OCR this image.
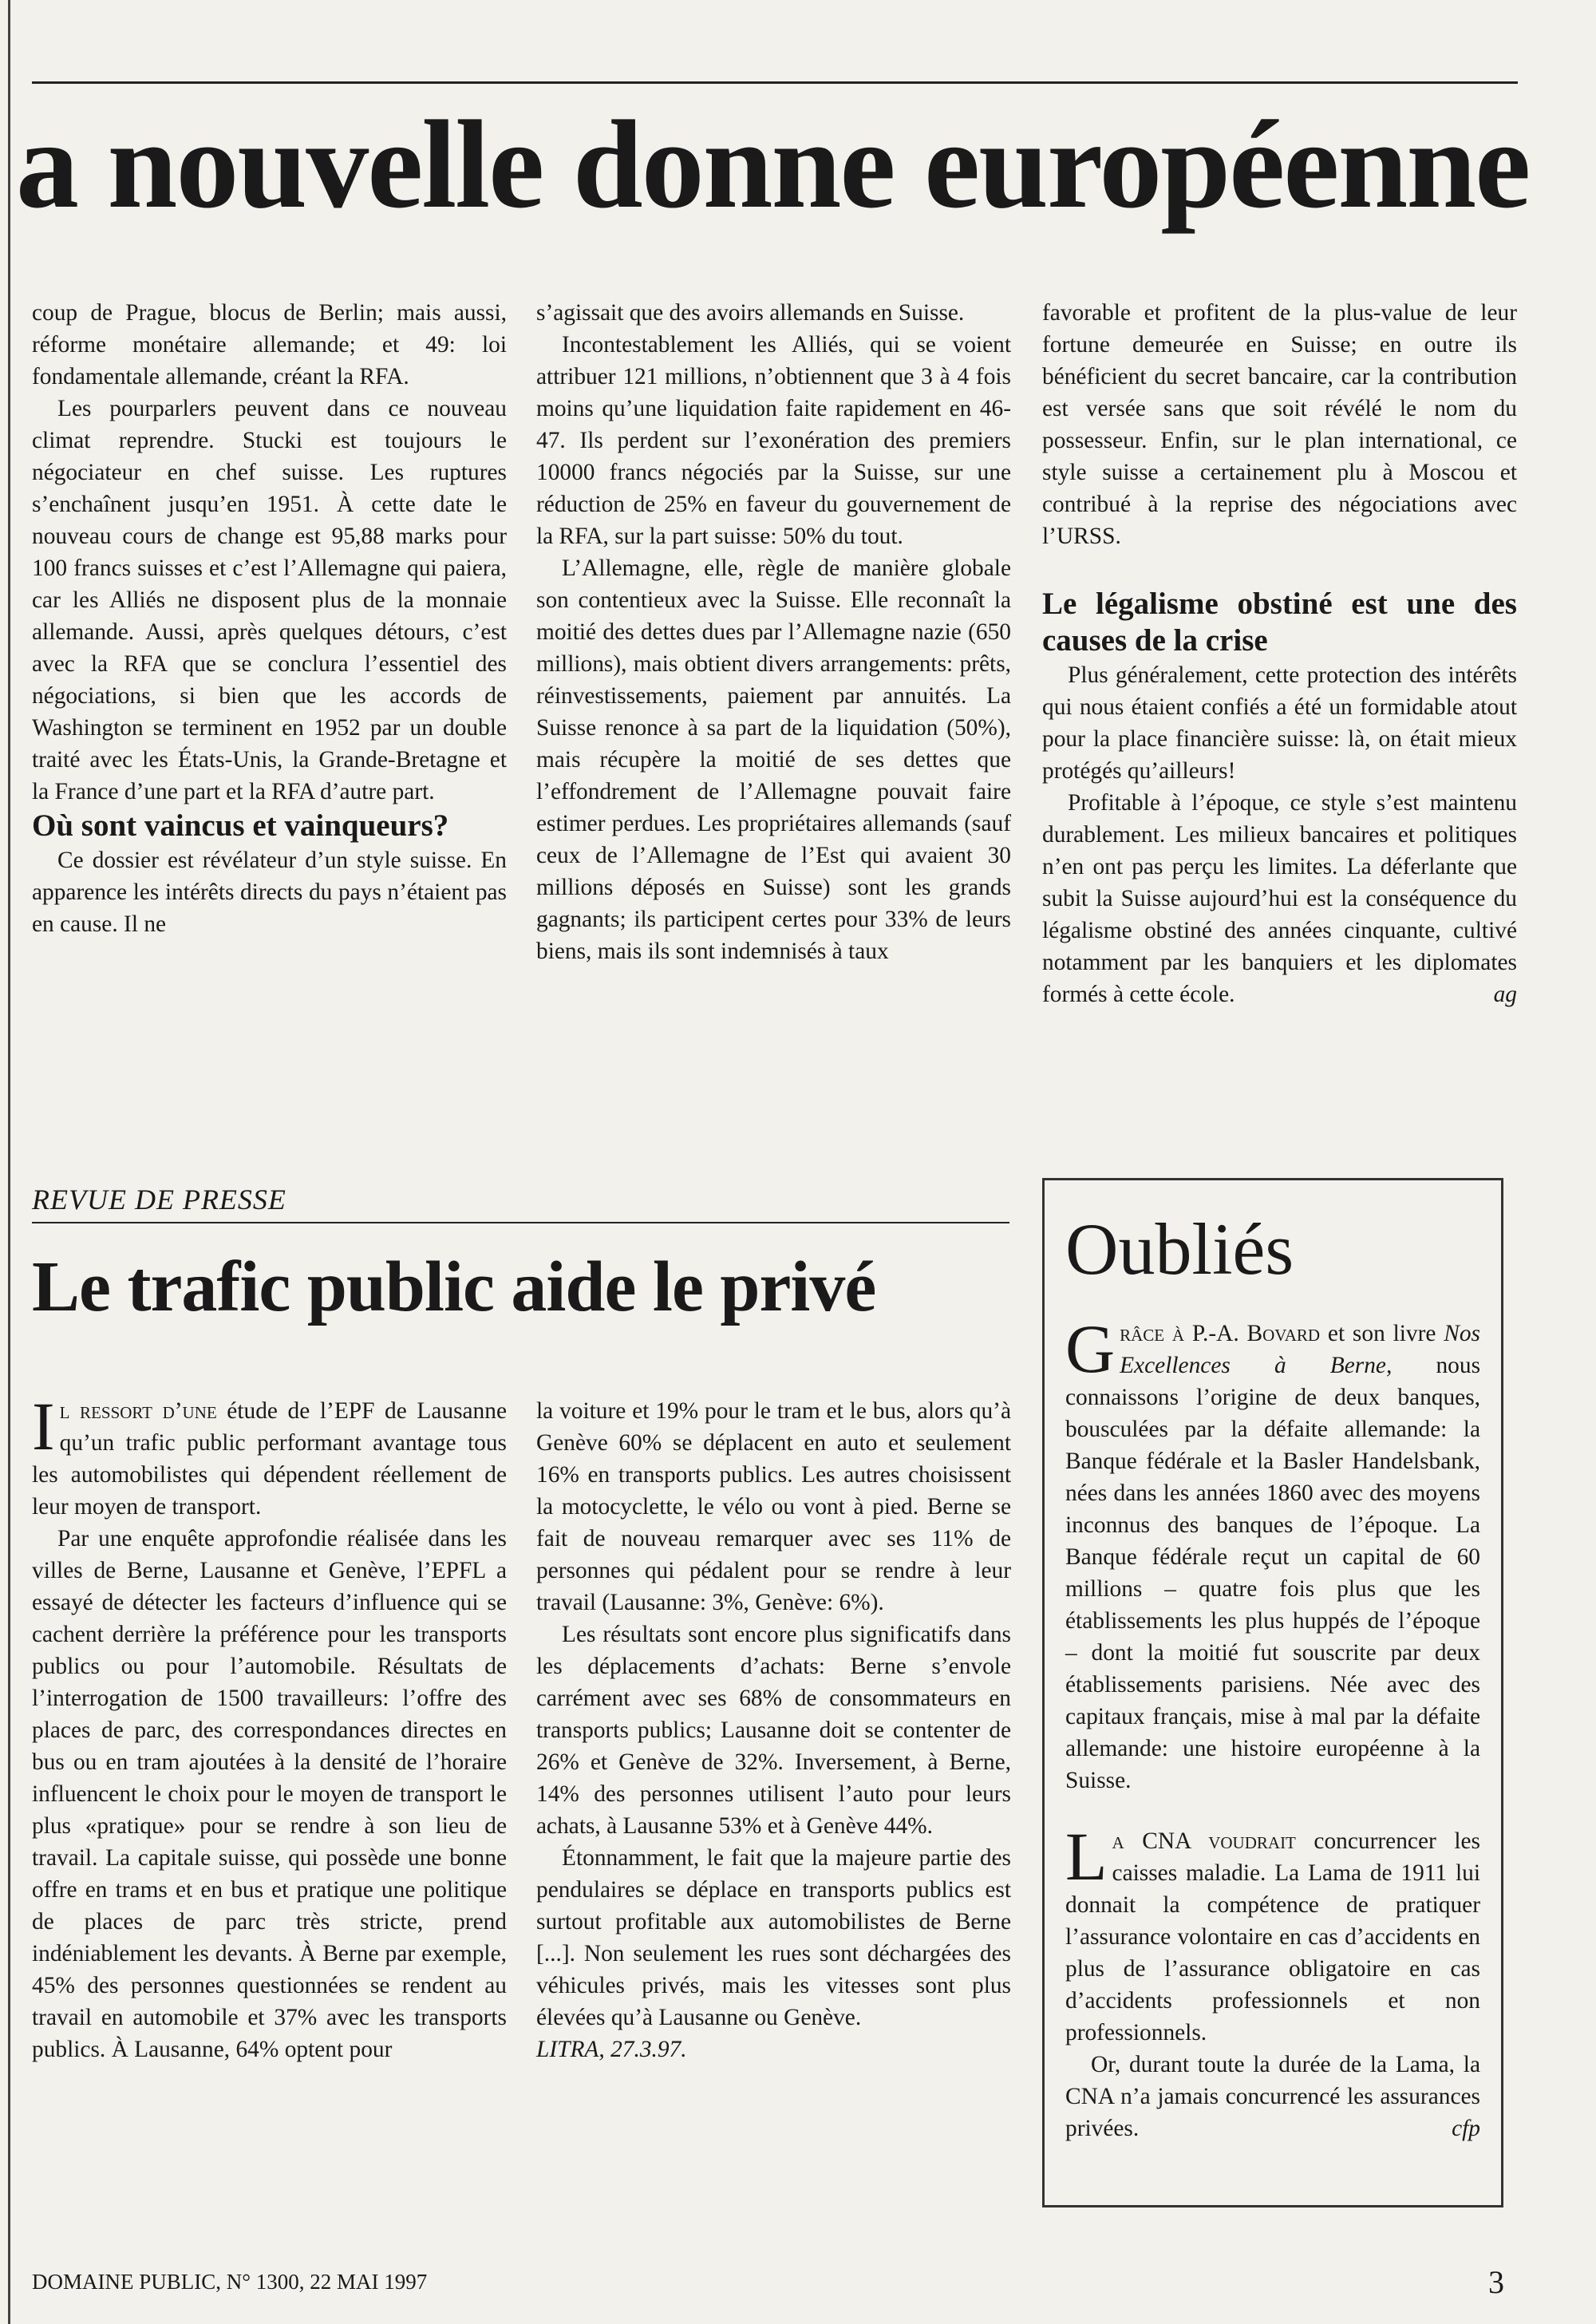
a nouvelle donne européenne

coup de Prague, blocus de Berlin; mais aussi, réforme monétaire allemande; et 49: loi fondamentale allemande, créant la RFA.

Les pourparlers peuvent dans ce nouveau climat reprendre. Stucki est toujours le négociateur en chef suisse. Les ruptures s’enchaînent jusqu’en 1951. À cette date le nouveau cours de change est 95,88 marks pour 100 francs suisses et c’est l’Allemagne qui paiera, car les Alliés ne disposent plus de la monnaie allemande. Aussi, après quelques détours, c’est avec la RFA que se conclura l’essentiel des négociations, si bien que les accords de Washington se terminent en 1952 par un double traité avec les États-Unis, la Grande-Bretagne et la France d’une part et la RFA d’autre part.

Où sont vaincus et vainqueurs?

Ce dossier est révélateur d’un style suisse. En apparence les intérêts directs du pays n’étaient pas en cause. Il ne

s’agissait que des avoirs allemands en Suisse.

Incontestablement les Alliés, qui se voient attribuer 121 millions, n’obtiennent que 3 à 4 fois moins qu’une liquidation faite rapidement en 46-47. Ils perdent sur l’exonération des premiers 10000 francs négociés par la Suisse, sur une réduction de 25% en faveur du gouvernement de la RFA, sur la part suisse: 50% du tout.

L’Allemagne, elle, règle de manière globale son contentieux avec la Suisse. Elle reconnaît la moitié des dettes dues par l’Allemagne nazie (650 millions), mais obtient divers arrangements: prêts, réinvestissements, paiement par annuités. La Suisse renonce à sa part de la liquidation (50%), mais récupère la moitié de ses dettes que l’effondrement de l’Allemagne pouvait faire estimer perdues. Les propriétaires allemands (sauf ceux de l’Allemagne de l’Est qui avaient 30 millions déposés en Suisse) sont les grands gagnants; ils participent certes pour 33% de leurs biens, mais ils sont indemnisés à taux

favorable et profitent de la plus-value de leur fortune demeurée en Suisse; en outre ils bénéficient du secret bancaire, car la contribution est versée sans que soit révélé le nom du possesseur. Enfin, sur le plan international, ce style suisse a certainement plu à Moscou et contribué à la reprise des négociations avec l’URSS.

Le légalisme obstiné est une des causes de la crise

Plus généralement, cette protection des intérêts qui nous étaient confiés a été un formidable atout pour la place financière suisse: là, on était mieux protégés qu’ailleurs!

Profitable à l’époque, ce style s’est maintenu durablement. Les milieux bancaires et politiques n’en ont pas perçu les limites. La déferlante que subit la Suisse aujourd’hui est la conséquence du légalisme obstiné des années cinquante, cultivé notamment par les banquiers et les diplomates formés à cette école.	ag

REVUE DE PRESSE
Le trafic public aide le privé

Il ressort d’une étude de l’EPF de Lausanne qu’un trafic public performant avantage tous les automobilistes qui dépendent réellement de leur moyen de transport.

Par une enquête approfondie réalisée dans les villes de Berne, Lausanne et Genève, l’EPFL a essayé de détecter les facteurs d’influence qui se cachent derrière la préférence pour les transports publics ou pour l’automobile. Résultats de l’interrogation de 1500 travailleurs: l’offre des places de parc, des correspondances directes en bus ou en tram ajoutées à la densité de l’horaire influencent le choix pour le moyen de transport le plus «pratique» pour se rendre à son lieu de travail. La capitale suisse, qui possède une bonne offre en trams et en bus et pratique une politique de places de parc très stricte, prend indéniablement les devants. À Berne par exemple, 45% des personnes questionnées se rendent au travail en automobile et 37% avec les transports publics. À Lausanne, 64% optent pour

la voiture et 19% pour le tram et le bus, alors qu’à Genève 60% se déplacent en auto et seulement 16% en transports publics. Les autres choisissent la motocyclette, le vélo ou vont à pied. Berne se fait de nouveau remarquer avec ses 11% de personnes qui pédalent pour se rendre à leur travail (Lausanne: 3%, Genève: 6%).

Les résultats sont encore plus significatifs dans les déplacements d’achats: Berne s’envole carrément avec ses 68% de consommateurs en transports publics; Lausanne doit se contenter de 26% et Genève de 32%. Inversement, à Berne, 14% des personnes utilisent l’auto pour leurs achats, à Lausanne 53% et à Genève 44%.

Étonnamment, le fait que la majeure partie des pendulaires se déplace en transports publics est surtout profitable aux automobilistes de Berne [...]. Non seulement les rues sont déchargées des véhicules privés, mais les vitesses sont plus élevées qu’à Lausanne ou Genève.

LITRA, 27.3.97.

Oubliés

Grâce à P.-A. Bovard et son livre Nos Excellences à Berne, nous connaissons l’origine de deux banques, bousculées par la défaite allemande: la Banque fédérale et la Basler Handelsbank, nées dans les années 1860 avec des moyens inconnus des banques de l’époque. La Banque fédérale reçut un capital de 60 millions – quatre fois plus que les établissements les plus huppés de l’époque – dont la moitié fut souscrite par deux établissements parisiens. Née avec des capitaux français, mise à mal par la défaite allemande: une histoire européenne à la Suisse.

La CNA voudrait concurrencer les caisses maladie. La Lama de 1911 lui donnait la compétence de pratiquer l’assurance volontaire en cas d’accidents en plus de l’assurance obligatoire en cas d’accidents professionnels et non professionnels.

Or, durant toute la durée de la Lama, la CNA n’a jamais concurrencé les assurances privées.	cfp

DOMAINE PUBLIC, N° 1300, 22 MAI 1997	3
